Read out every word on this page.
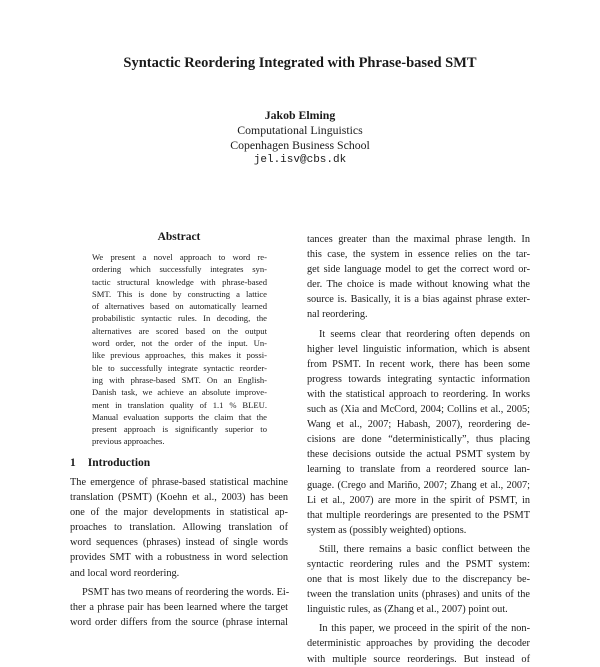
Syntactic Reordering Integrated with Phrase-based SMT
Jakob Elming
Computational Linguistics
Copenhagen Business School
jel.isv@cbs.dk
Abstract
We present a novel approach to word re-
ordering which successfully integrates syn-
tactic structural knowledge with phrase-based
SMT. This is done by constructing a lattice
of alternatives based on automatically learned
probabilistic syntactic rules. In decoding, the
alternatives are scored based on the output
word order, not the order of the input. Un-
like previous approaches, this makes it possi-
ble to successfully integrate syntactic reorder-
ing with phrase-based SMT. On an English-
Danish task, we achieve an absolute improve-
ment in translation quality of 1.1 % BLEU.
Manual evaluation supports the claim that the
present approach is significantly superior to
previous approaches.
1 Introduction
The emergence of phrase-based statistical machine
translation (PSMT) (Koehn et al., 2003) has been
one of the major developments in statistical ap-
proaches to translation. Allowing translation of
word sequences (phrases) instead of single words
provides SMT with a robustness in word selection
and local word reordering.
PSMT has two means of reordering the words. Ei-
ther a phrase pair has been learned where the target
word order differs from the source (phrase internal
tances greater than the maximal phrase length. In
this case, the system in essence relies on the tar-
get side language model to get the correct word or-
der. The choice is made without knowing what the
source is. Basically, it is a bias against phrase exter-
nal reordering.
It seems clear that reordering often depends on
higher level linguistic information, which is absent
from PSMT. In recent work, there has been some
progress towards integrating syntactic information
with the statistical approach to reordering. In works
such as (Xia and McCord, 2004; Collins et al., 2005;
Wang et al., 2007; Habash, 2007), reordering de-
cisions are done “deterministically”, thus placing
these decisions outside the actual PSMT system by
learning to translate from a reordered source lan-
guage. (Crego and Mariño, 2007; Zhang et al., 2007;
Li et al., 2007) are more in the spirit of PSMT, in
that multiple reorderings are presented to the PSMT
system as (possibly weighted) options.
Still, there remains a basic conflict between the
syntactic reordering rules and the PSMT system:
one that is most likely due to the discrepancy be-
tween the translation units (phrases) and units of the
linguistic rules, as (Zhang et al., 2007) point out.
In this paper, we proceed in the spirit of the non-
deterministic approaches by providing the decoder
with multiple source reorderings. But instead of
